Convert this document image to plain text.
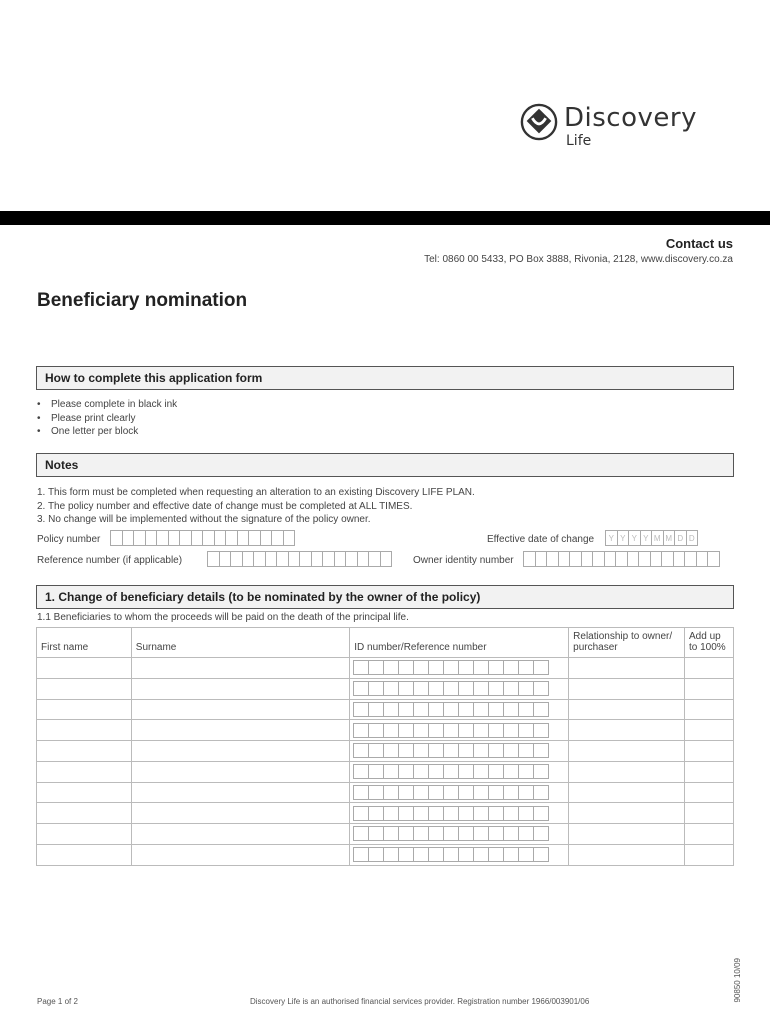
Discovery
Life
Contact us
Tel: 0860 00 5433, PO Box 3888, Rivonia, 2128, www.discovery.co.za
Beneficiary nomination
How to complete this application form
• Please complete in black ink
• Please print clearly
• One letter per block
Notes
1. This form must be completed when requesting an alteration to an existing Discovery LIFE PLAN.
2. The policy number and effective date of change must be completed at ALL TIMES.
3. No change will be implemented without the signature of the policy owner.
Policy number	Effective date of change	Y Y Y Y M M D D
Reference number (if applicable)	Owner identity number
1. Change of beneficiary details (to be nominated by the owner of the policy)
1.1 Beneficiaries to whom the proceeds will be paid on the death of the principal life.
First name	Surname	ID number/Reference number	Relationship to owner/ purchaser	Add up to 100%

Page 1 of 2	Discovery Life is an authorised financial services provider. Registration number 1966/003901/06	90850 10/09
